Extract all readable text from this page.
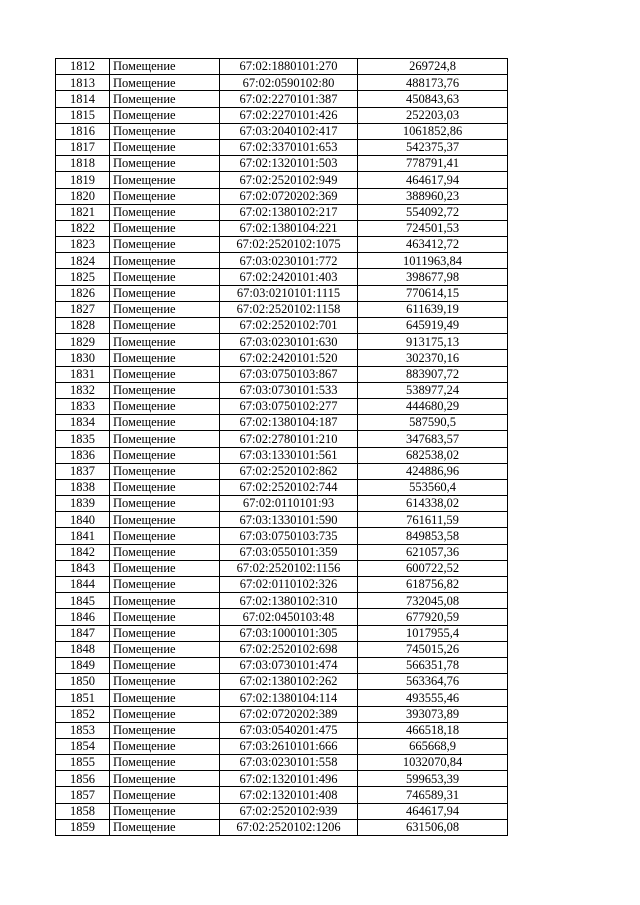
1812	Помещение	67:02:1880101:270	269724,8
1813	Помещение	67:02:0590102:80	488173,76
1814	Помещение	67:02:2270101:387	450843,63
1815	Помещение	67:02:2270101:426	252203,03
1816	Помещение	67:03:2040102:417	1061852,86
1817	Помещение	67:02:3370101:653	542375,37
1818	Помещение	67:02:1320101:503	778791,41
1819	Помещение	67:02:2520102:949	464617,94
1820	Помещение	67:02:0720202:369	388960,23
1821	Помещение	67:02:1380102:217	554092,72
1822	Помещение	67:02:1380104:221	724501,53
1823	Помещение	67:02:2520102:1075	463412,72
1824	Помещение	67:03:0230101:772	1011963,84
1825	Помещение	67:02:2420101:403	398677,98
1826	Помещение	67:03:0210101:1115	770614,15
1827	Помещение	67:02:2520102:1158	611639,19
1828	Помещение	67:02:2520102:701	645919,49
1829	Помещение	67:03:0230101:630	913175,13
1830	Помещение	67:02:2420101:520	302370,16
1831	Помещение	67:03:0750103:867	883907,72
1832	Помещение	67:03:0730101:533	538977,24
1833	Помещение	67:03:0750102:277	444680,29
1834	Помещение	67:02:1380104:187	587590,5
1835	Помещение	67:02:2780101:210	347683,57
1836	Помещение	67:03:1330101:561	682538,02
1837	Помещение	67:02:2520102:862	424886,96
1838	Помещение	67:02:2520102:744	553560,4
1839	Помещение	67:02:0110101:93	614338,02
1840	Помещение	67:03:1330101:590	761611,59
1841	Помещение	67:03:0750103:735	849853,58
1842	Помещение	67:03:0550101:359	621057,36
1843	Помещение	67:02:2520102:1156	600722,52
1844	Помещение	67:02:0110102:326	618756,82
1845	Помещение	67:02:1380102:310	732045,08
1846	Помещение	67:02:0450103:48	677920,59
1847	Помещение	67:03:1000101:305	1017955,4
1848	Помещение	67:02:2520102:698	745015,26
1849	Помещение	67:03:0730101:474	566351,78
1850	Помещение	67:02:1380102:262	563364,76
1851	Помещение	67:02:1380104:114	493555,46
1852	Помещение	67:02:0720202:389	393073,89
1853	Помещение	67:03:0540201:475	466518,18
1854	Помещение	67:03:2610101:666	665668,9
1855	Помещение	67:03:0230101:558	1032070,84
1856	Помещение	67:02:1320101:496	599653,39
1857	Помещение	67:02:1320101:408	746589,31
1858	Помещение	67:02:2520102:939	464617,94
1859	Помещение	67:02:2520102:1206	631506,08
